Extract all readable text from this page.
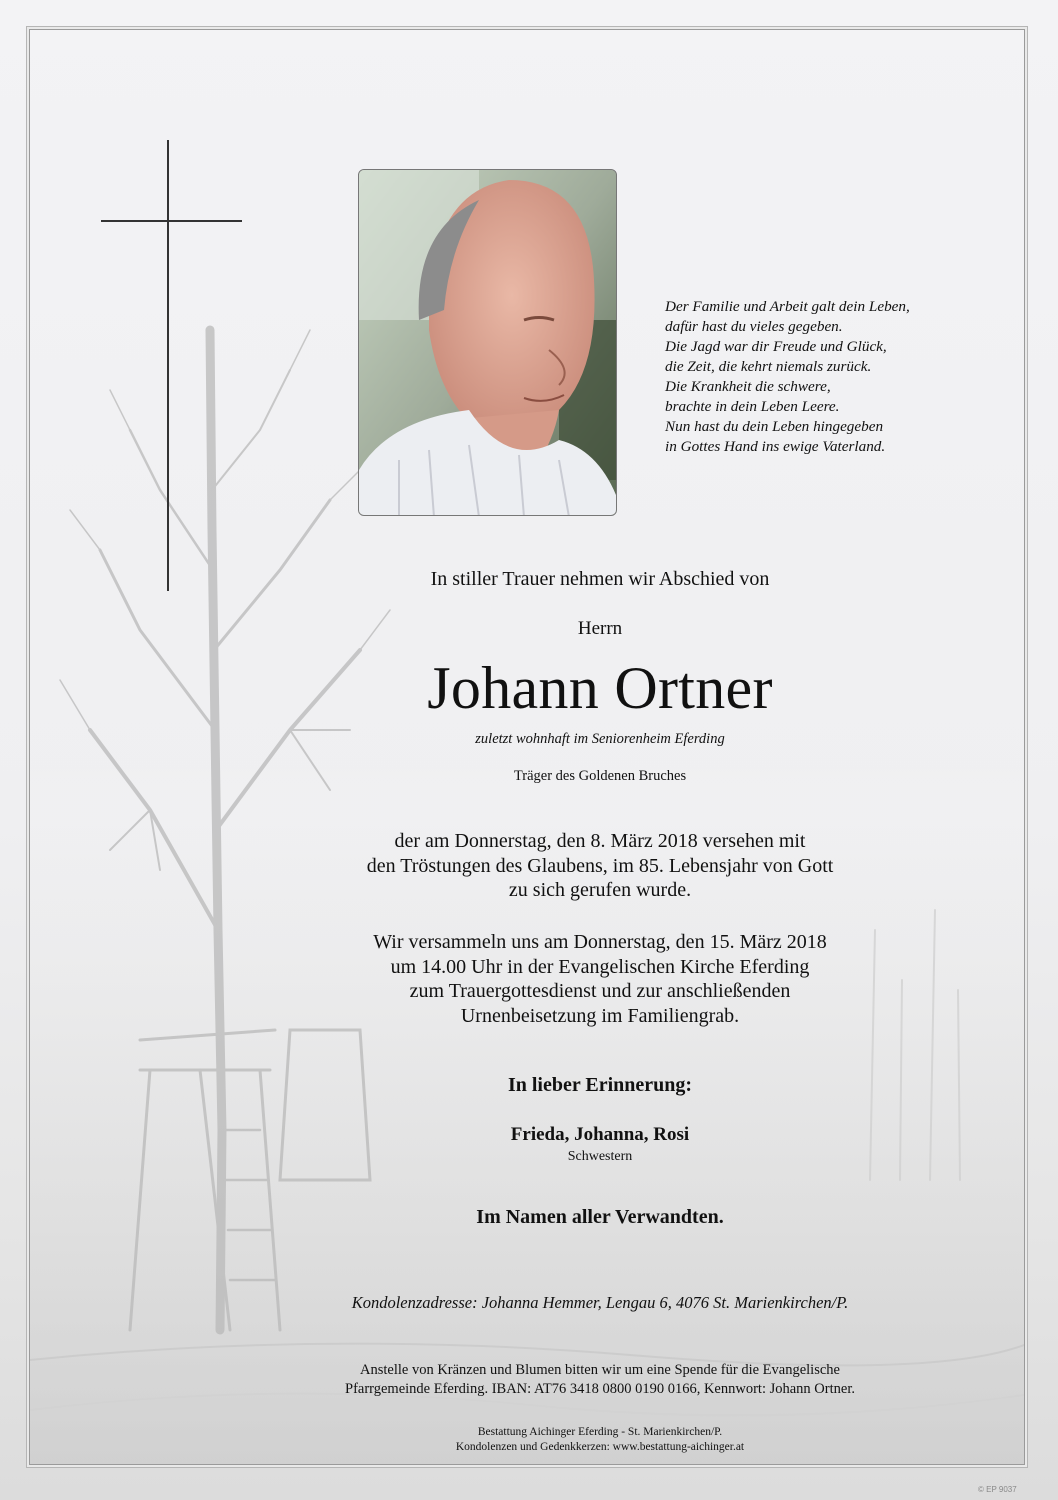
Der Familie und Arbeit galt dein Leben,
dafür hast du vieles gegeben.
Die Jagd war dir Freude und Glück,
die Zeit, die kehrt niemals zurück.
Die Krankheit die schwere,
brachte in dein Leben Leere.
Nun hast du dein Leben hingegeben
in Gottes Hand ins ewige Vaterland.
In stiller Trauer nehmen wir Abschied von
Herrn
Johann Ortner
zuletzt wohnhaft im Seniorenheim Eferding
Träger des Goldenen Bruches
der am Donnerstag, den 8. März 2018 versehen mit
den Tröstungen des Glaubens, im 85. Lebensjahr von Gott
zu sich gerufen wurde.
Wir versammeln uns am Donnerstag, den 15. März 2018
um 14.00 Uhr in der Evangelischen Kirche Eferding
zum Trauergottesdienst und zur anschließenden
Urnenbeisetzung im Familiengrab.
In lieber Erinnerung:
Frieda, Johanna, Rosi
Schwestern
Im Namen aller Verwandten.
Kondolenzadresse: Johanna Hemmer, Lengau 6, 4076 St. Marienkirchen/P.
Anstelle von Kränzen und Blumen bitten wir um eine Spende für die Evangelische
Pfarrgemeinde Eferding. IBAN: AT76 3418 0800 0190 0166, Kennwort: Johann Ortner.
Bestattung Aichinger Eferding - St. Marienkirchen/P.
Kondolenzen und Gedenkkerzen: www.bestattung-aichinger.at
© EP 9037
